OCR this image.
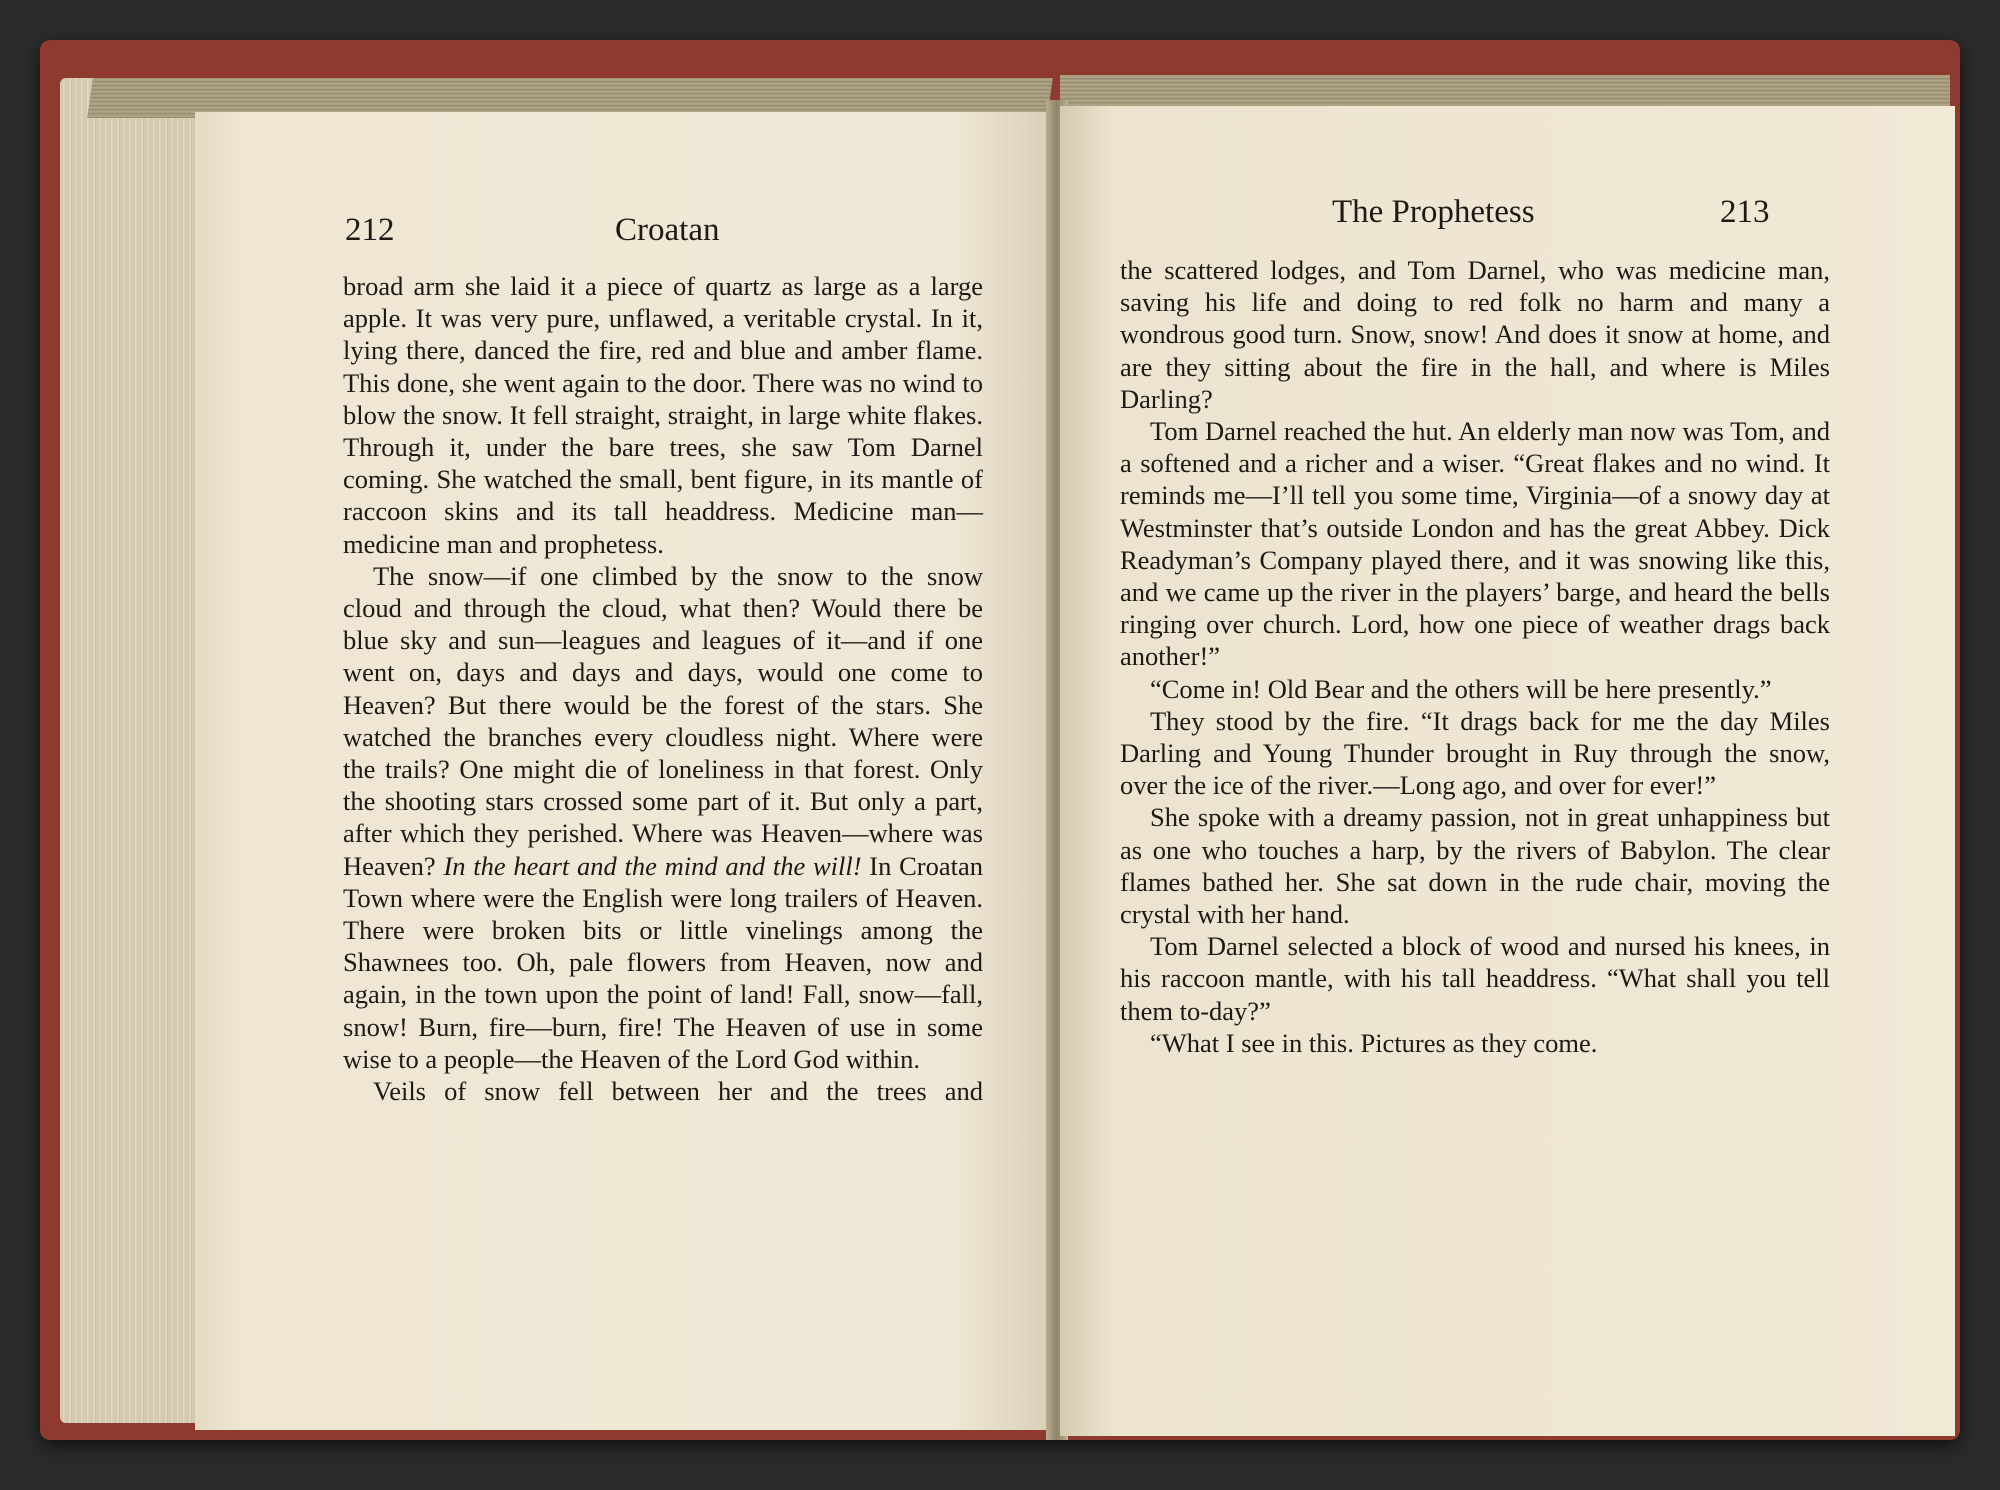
212	Croatan

broad arm she laid it a piece of quartz as large as a large apple. It was very pure, unflawed, a veritable crystal. In it, lying there, danced the fire, red and blue and amber flame. This done, she went again to the door. There was no wind to blow the snow. It fell straight, straight, in large white flakes. Through it, under the bare trees, she saw Tom Darnel coming. She watched the small, bent figure, in its mantle of raccoon skins and its tall headdress. Medicine man—medicine man and prophetess.

The snow—if one climbed by the snow to the snow cloud and through the cloud, what then? Would there be blue sky and sun—leagues and leagues of it—and if one went on, days and days and days, would one come to Heaven? But there would be the forest of the stars. She watched the branches every cloudless night. Where were the trails? One might die of loneliness in that forest. Only the shooting stars crossed some part of it. But only a part, after which they perished. Where was Heaven—where was Heaven? In the heart and the mind and the will! In Croatan Town where were the English were long trailers of Heaven. There were broken bits or little vinelings among the Shawnees too. Oh, pale flowers from Heaven, now and again, in the town upon the point of land! Fall, snow—fall, snow! Burn, fire—burn, fire! The Heaven of use in some wise to a people—the Heaven of the Lord God within.

Veils of snow fell between her and the trees and

The Prophetess	213

the scattered lodges, and Tom Darnel, who was medicine man, saving his life and doing to red folk no harm and many a wondrous good turn. Snow, snow! And does it snow at home, and are they sitting about the fire in the hall, and where is Miles Darling?

Tom Darnel reached the hut. An elderly man now was Tom, and a softened and a richer and a wiser. “Great flakes and no wind. It reminds me—I’ll tell you some time, Virginia—of a snowy day at Westminster that’s outside London and has the great Abbey. Dick Readyman’s Company played there, and it was snowing like this, and we came up the river in the players’ barge, and heard the bells ringing over church. Lord, how one piece of weather drags back another!”

“Come in! Old Bear and the others will be here presently.”

They stood by the fire. “It drags back for me the day Miles Darling and Young Thunder brought in Ruy through the snow, over the ice of the river.—Long ago, and over for ever!”

She spoke with a dreamy passion, not in great unhappiness but as one who touches a harp, by the rivers of Babylon. The clear flames bathed her. She sat down in the rude chair, moving the crystal with her hand.

Tom Darnel selected a block of wood and nursed his knees, in his raccoon mantle, with his tall headdress. “What shall you tell them to-day?”

“What I see in this. Pictures as they come.
